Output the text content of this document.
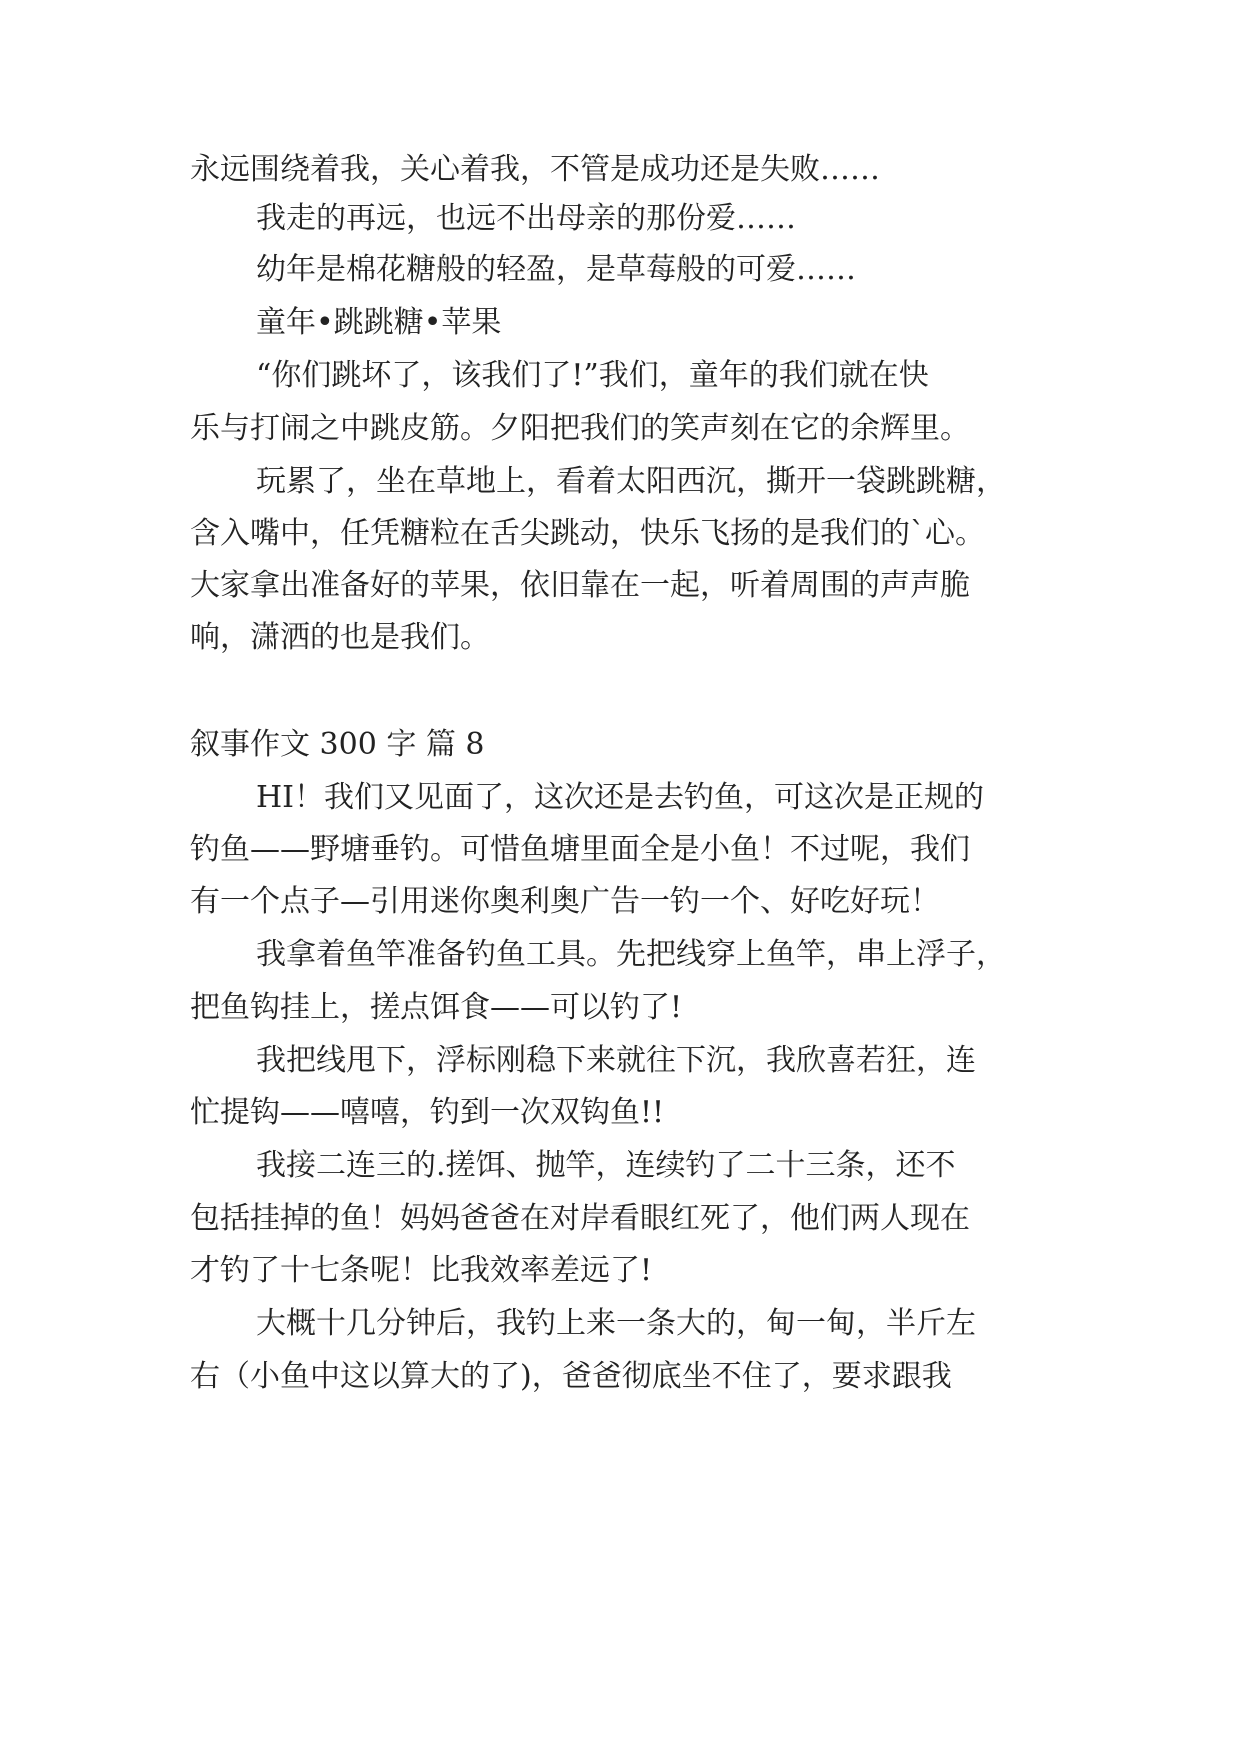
永远围绕着我，关心着我，不管是成功还是失败……
我走的再远，也远不出母亲的那份爱……
幼年是棉花糖般的轻盈，是草莓般的可爱……
童年•跳跳糖•苹果
“你们跳坏了，该我们了!”我们，童年的我们就在快
乐与打闹之中跳皮筋。夕阳把我们的笑声刻在它的余辉里。
玩累了，坐在草地上，看着太阳西沉，撕开一袋跳跳糖，
含入嘴中，任凭糖粒在舌尖跳动，快乐飞扬的是我们的`心。
大家拿出准备好的苹果，依旧靠在一起，听着周围的声声脆
响，潇洒的也是我们。
叙事作文 300 字 篇 8
HI！我们又见面了，这次还是去钓鱼，可这次是正规的
钓鱼——野塘垂钓。可惜鱼塘里面全是小鱼！不过呢，我们
有一个点子—引用迷你奥利奥广告一钓一个、好吃好玩！
我拿着鱼竿准备钓鱼工具。先把线穿上鱼竿，串上浮子，
把鱼钩挂上，搓点饵食——可以钓了!
我把线甩下，浮标刚稳下来就往下沉，我欣喜若狂，连
忙提钩——嘻嘻，钓到一次双钩鱼!!
我接二连三的.搓饵、抛竿，连续钓了二十三条，还不
包括挂掉的鱼！妈妈爸爸在对岸看眼红死了，他们两人现在
才钓了十七条呢！比我效率差远了!
大概十几分钟后，我钓上来一条大的，甸一甸，半斤左
右（小鱼中这以算大的了)，爸爸彻底坐不住了，要求跟我
